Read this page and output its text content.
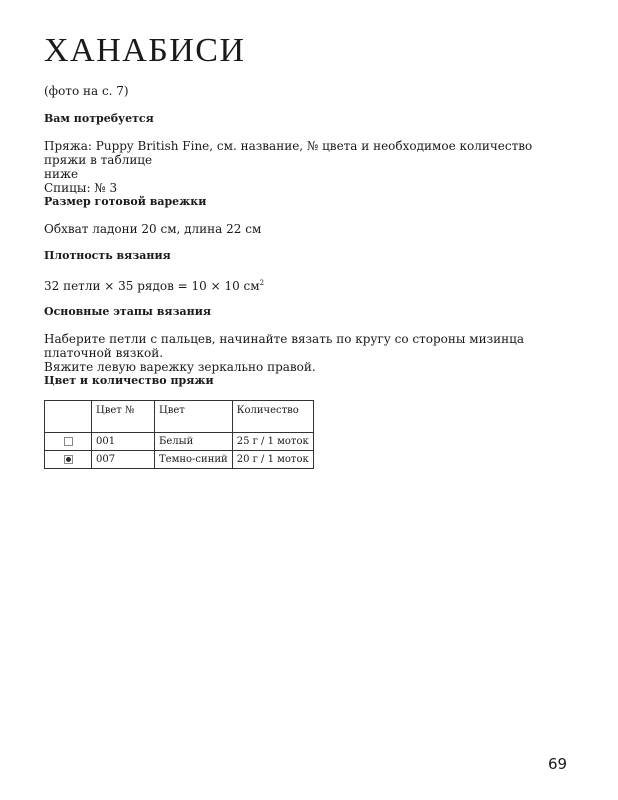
ХАНАБИСИ
(фото на с. 7)
Вам потребуется
Пряжа: Puppy British Fine, см. название, № цвета и необходимое количество пряжи в таблице
ниже
Спицы: № 3
Размер готовой варежки
Обхват ладони 20 см, длина 22 см
Плотность вязания
32 петли × 35 рядов = 10 × 10 $см^2$
Основные этапы вязания
Наберите петли с пальцев, начинайте вязать по кругу со стороны мизинца платочной вязкой.
Вяжите левую варежку зеркально правой.
Цвет и количество пряжи
	Цвет №	Цвет	Количество
	001	Белый	25 г / 1 моток
	007	Темно-синий	20 г / 1 моток
69
